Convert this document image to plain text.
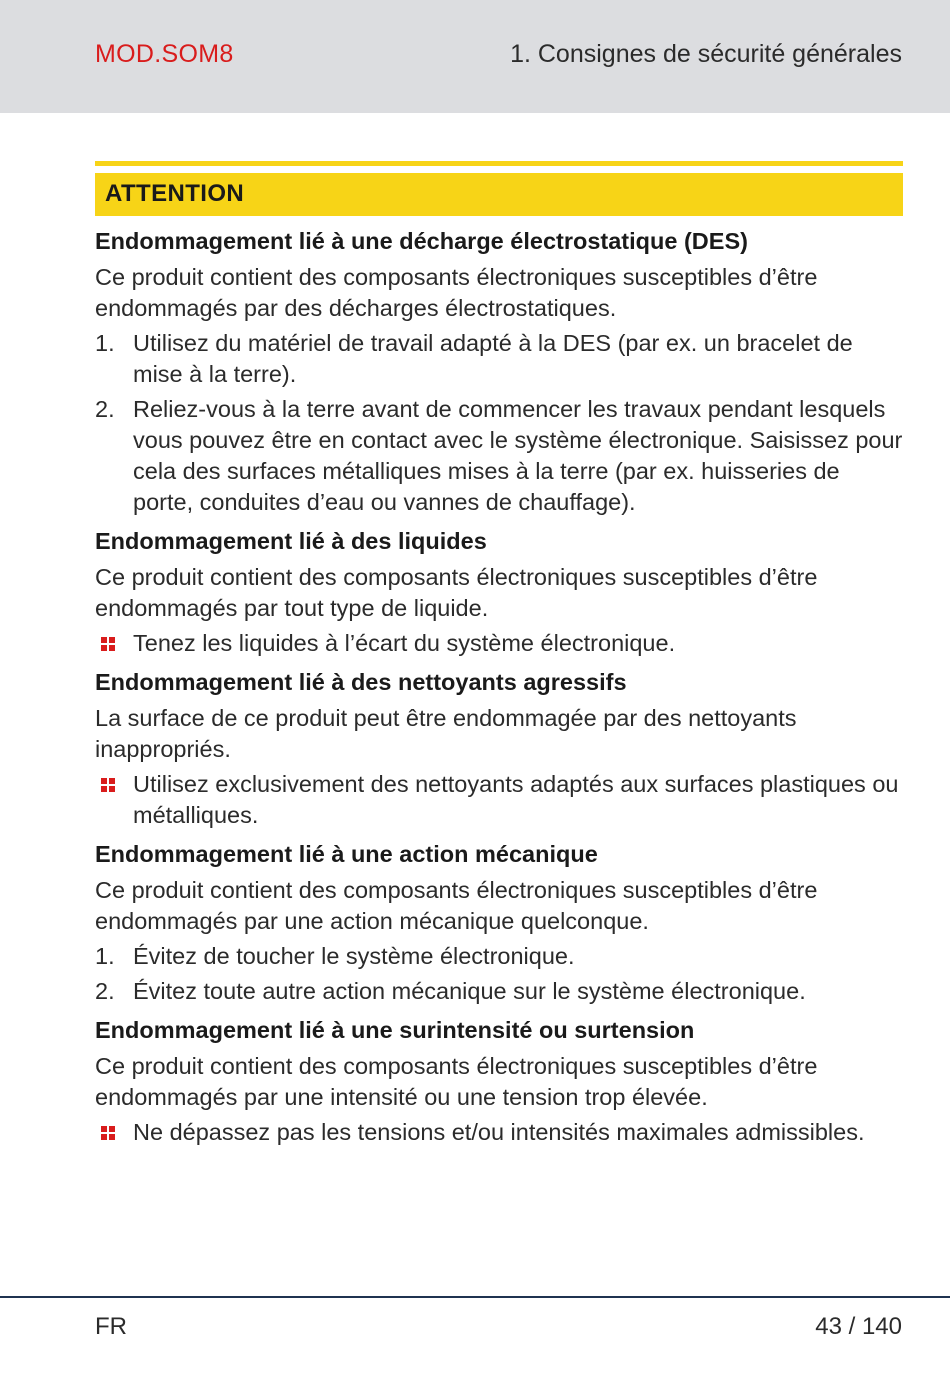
MOD.SOM8	1. Consignes de sécurité générales
ATTENTION
Endommagement lié à une décharge électrostatique (DES)
Ce produit contient des composants électroniques susceptibles d’être endommagés par des décharges électrostatiques.
1. Utilisez du matériel de travail adapté à la DES (par ex. un bracelet de mise à la terre).
2. Reliez-vous à la terre avant de commencer les travaux pendant lesquels vous pouvez être en contact avec le système électronique. Saisissez pour cela des surfaces métalliques mises à la terre (par ex. huisseries de porte, conduites d’eau ou vannes de chauffage).
Endommagement lié à des liquides
Ce produit contient des composants électroniques susceptibles d’être endommagés par tout type de liquide.
Tenez les liquides à l’écart du système électronique.
Endommagement lié à des nettoyants agressifs
La surface de ce produit peut être endommagée par des nettoyants inappropriés.
Utilisez exclusivement des nettoyants adaptés aux surfaces plastiques ou métalliques.
Endommagement lié à une action mécanique
Ce produit contient des composants électroniques susceptibles d’être endommagés par une action mécanique quelconque.
1. Évitez de toucher le système électronique.
2. Évitez toute autre action mécanique sur le système électronique.
Endommagement lié à une surintensité ou surtension
Ce produit contient des composants électroniques susceptibles d’être endommagés par une intensité ou une tension trop élevée.
Ne dépassez pas les tensions et/ou intensités maximales admissibles.
FR	43 / 140
